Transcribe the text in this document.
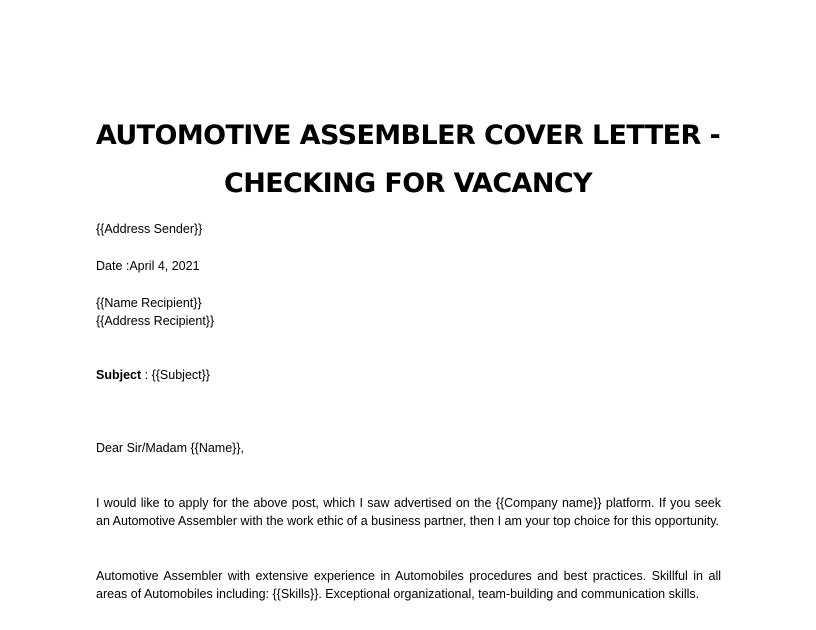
AUTOMOTIVE ASSEMBLER COVER LETTER -
CHECKING FOR VACANCY
{{Address Sender}}
Date :April 4, 2021
{{Name Recipient}}
{{Address Recipient}}
Subject : {{Subject}}
Dear Sir/Madam {{Name}},

I would like to apply for the above post, which I saw advertised on the {{Company name}} platform. If you seek an Automotive Assembler with the work ethic of a business partner, then I am your top choice for this opportunity.

Automotive Assembler with extensive experience in Automobiles procedures and best practices. Skillful in all areas of Automobiles including: {{Skills}}. Exceptional organizational, team-building and communication skills.
